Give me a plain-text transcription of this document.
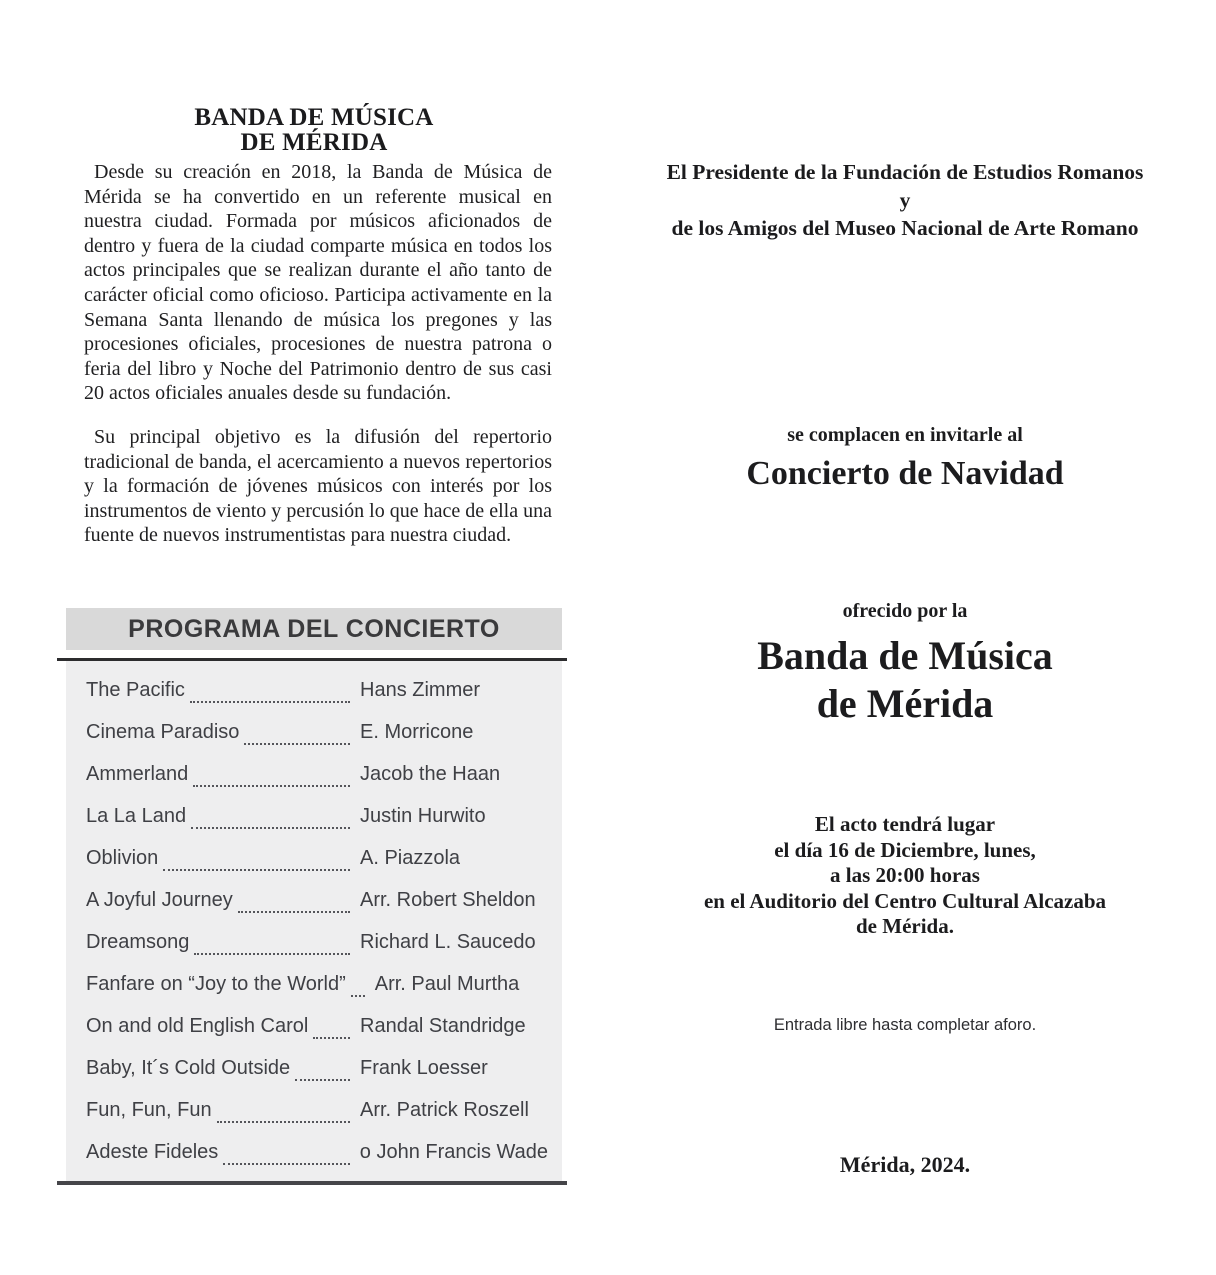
BANDA DE MÚSICA
DE MÉRIDA

Desde su creación en 2018, la Banda de Música de Mérida se ha convertido en un referente musical en nuestra ciudad. Formada por músicos aficionados de dentro y fuera de la ciudad comparte música en todos los actos principales que se realizan durante el año tanto de carácter oficial como oficioso. Participa activamente en la Semana Santa llenando de música los pregones y las procesiones oficiales, procesiones de nuestra patrona o feria del libro y Noche del Patrimonio dentro de sus casi 20 actos oficiales anuales desde su fundación.

Su principal objetivo es la difusión del repertorio tradicional de banda, el acercamiento a nuevos repertorios y la formación de jóvenes músicos con interés por los instrumentos de viento y percusión lo que hace de ella una fuente de nuevos instrumentistas para nuestra ciudad.

PROGRAMA DEL CONCIERTO
The Pacific	Hans Zimmer
Cinema Paradiso	E. Morricone
Ammerland	Jacob the Haan
La La Land	Justin Hurwito
Oblivion	A. Piazzola
A Joyful Journey	Arr. Robert Sheldon
Dreamsong	Richard L. Saucedo
Fanfare on “Joy to the World” Arr. Paul Murtha
On and old English Carol	Randal Standridge
Baby, It´s Cold Outside	Frank Loesser
Fun, Fun, Fun	Arr. Patrick Roszell
Adeste Fideles	o John Francis Wade
El Presidente de la Fundación de Estudios Romanos
y
de los Amigos del Museo Nacional de Arte Romano
se complacen en invitarle al
Concierto de Navidad
ofrecido por la
Banda de Música
de Mérida
El acto tendrá lugar
el día 16 de Diciembre, lunes,
a las 20:00 horas
en el Auditorio del Centro Cultural Alcazaba
de Mérida.
Entrada libre hasta completar aforo.
Mérida, 2024.
